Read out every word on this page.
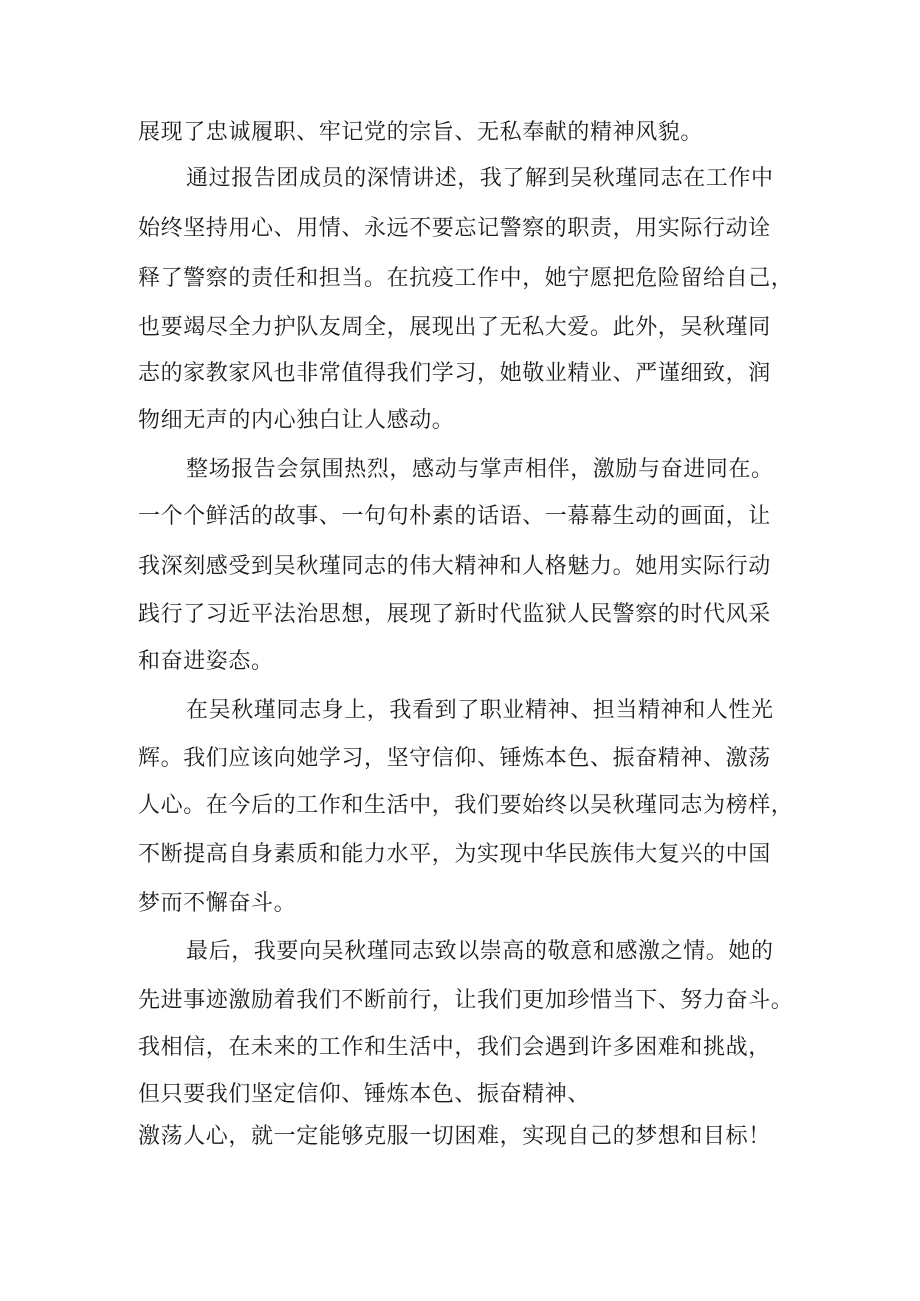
展现了忠诚履职、牢记党的宗旨、无私奉献的精神风貌。
通过报告团成员的深情讲述，我了解到吴秋瑾同志在工作中
始终坚持用心、用情、永远不要忘记警察的职责，用实际行动诠
释了警察的责任和担当。在抗疫工作中，她宁愿把危险留给自己，
也要竭尽全力护队友周全，展现出了无私大爱。此外，吴秋瑾同
志的家教家风也非常值得我们学习，她敬业精业、严谨细致，润
物细无声的内心独白让人感动。
整场报告会氛围热烈，感动与掌声相伴，激励与奋进同在。
一个个鲜活的故事、一句句朴素的话语、一幕幕生动的画面，让
我深刻感受到吴秋瑾同志的伟大精神和人格魅力。她用实际行动
践行了习近平法治思想，展现了新时代监狱人民警察的时代风采
和奋进姿态。
在吴秋瑾同志身上，我看到了职业精神、担当精神和人性光
辉。我们应该向她学习，坚守信仰、锤炼本色、振奋精神、激荡
人心。在今后的工作和生活中，我们要始终以吴秋瑾同志为榜样，
不断提高自身素质和能力水平，为实现中华民族伟大复兴的中国
梦而不懈奋斗。
最后，我要向吴秋瑾同志致以崇高的敬意和感激之情。她的
先进事迹激励着我们不断前行，让我们更加珍惜当下、努力奋斗。
我相信，在未来的工作和生活中，我们会遇到许多困难和挑战，
但只要我们坚定信仰、锤炼本色、振奋精神、
激荡人心，就一定能够克服一切困难，实现自己的梦想和目标！
